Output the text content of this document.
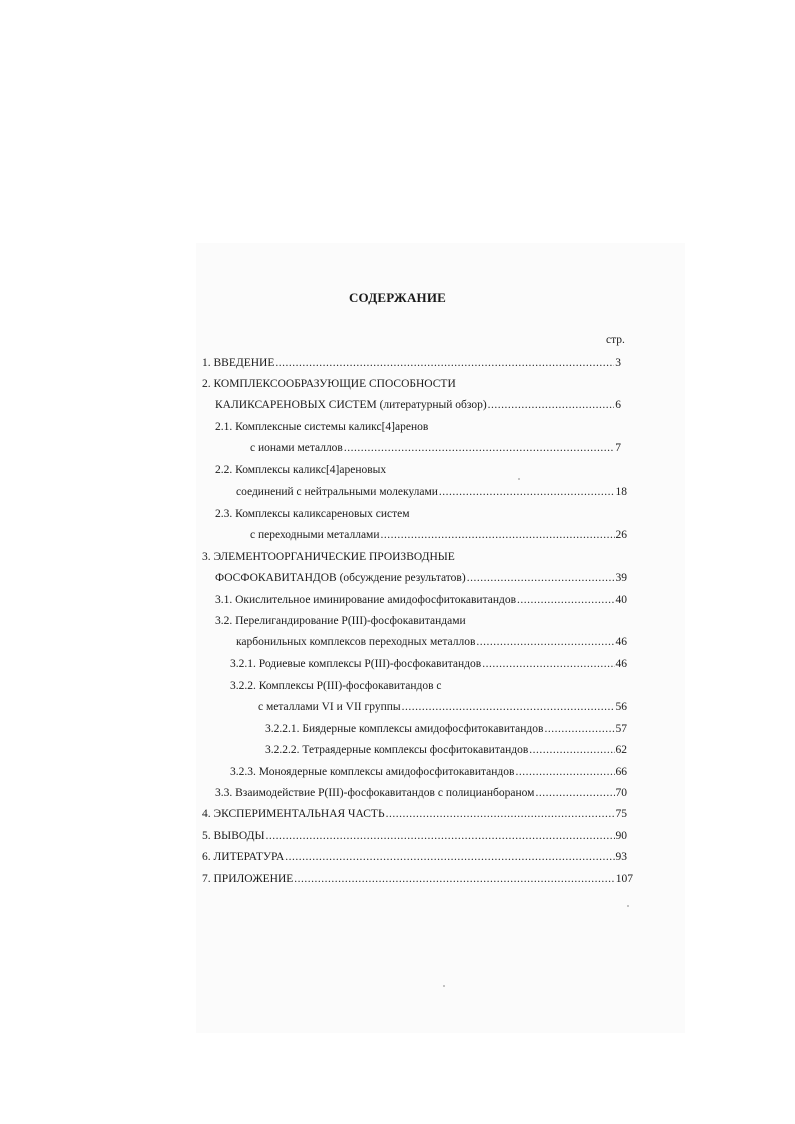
СОДЕРЖАНИЕ
стр.
1. ВВЕДЕНИЕ .....	3
2. КОМПЛЕКСООБРАЗУЮЩИЕ СПОСОБНОСТИ
КАЛИКСАРЕНОВЫХ СИСТЕМ (литературный обзор) .....	6
2.1. Комплексные системы каликс[4]аренов
с ионами металлов .....	7
2.2. Комплексы каликс[4]ареновых
соединений с нейтральными молекулами .....	18
2.3. Комплексы каликсареновых систем
с переходными металлами .....	26
3. ЭЛЕМЕНТООРГАНИЧЕСКИЕ ПРОИЗВОДНЫЕ
ФОСФОКАВИТАНДОВ (обсуждение результатов) .....	39
3.1. Окислительное иминирование амидофосфитокавитандов .....	40
3.2. Перелигандирование Р(III)-фосфокавитандами
карбонильных комплексов переходных металлов .....	46
3.2.1. Родиевые комплексы Р(III)-фосфокавитандов .....	46
3.2.2. Комплексы Р(III)-фосфокавитандов с
с металлами VI и VII группы .....	56
3.2.2.1. Биядерные комплексы амидофосфитокавитандов .....	57
3.2.2.2. Тетраядерные комплексы фосфитокавитандов .....	62
3.2.3. Моноядерные комплексы амидофосфитокавитандов .....	66
3.3. Взаимодействие Р(III)-фосфокавитандов с полицианбораном .....	70
4. ЭКСПЕРИМЕНТАЛЬНАЯ ЧАСТЬ .....	75
5. ВЫВОДЫ .....	90
6. ЛИТЕРАТУРА .....	93
7. ПРИЛОЖЕНИЕ .....	107
